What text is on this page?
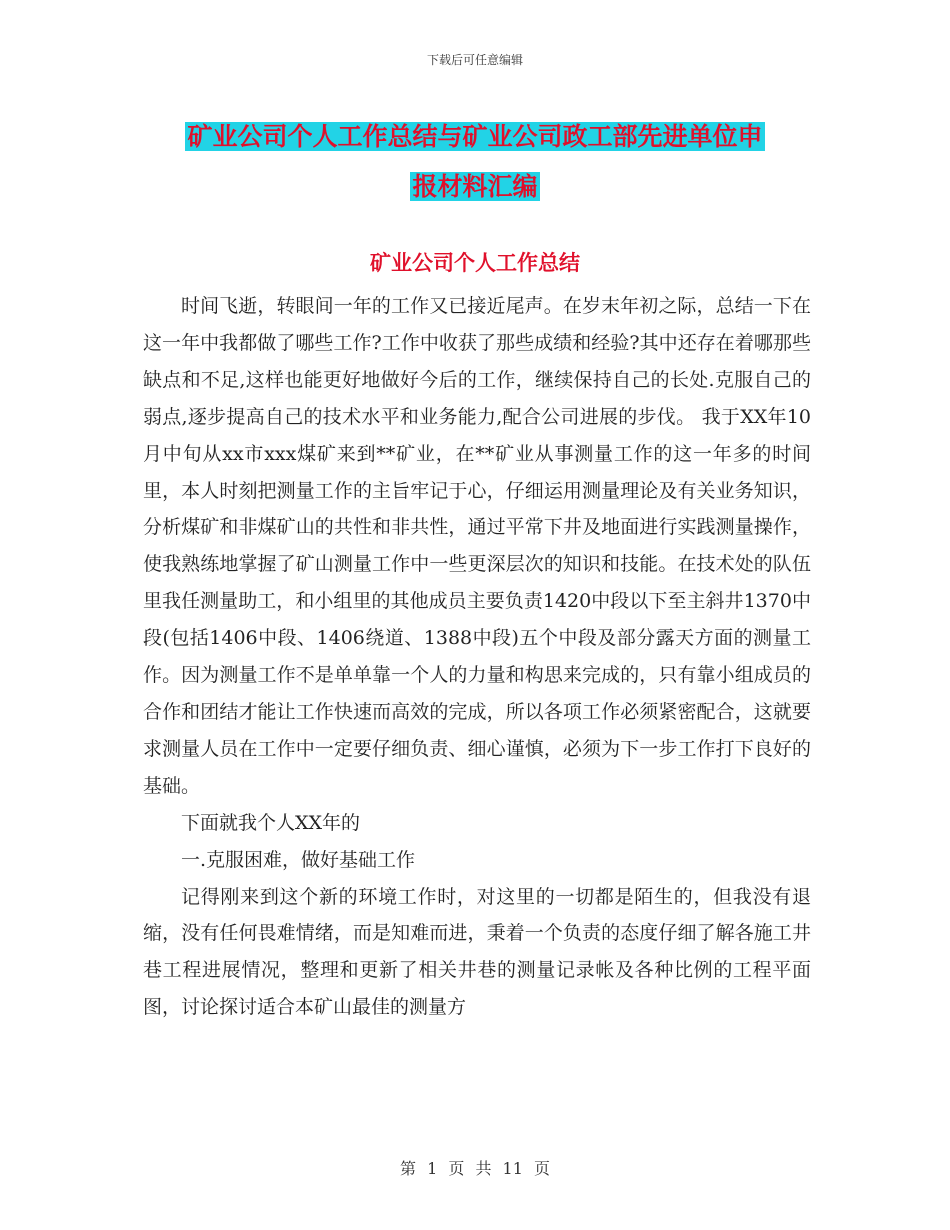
下载后可任意编辑
矿业公司个人工作总结与矿业公司政工部先进单位申
报材料汇编
矿业公司个人工作总结

时间飞逝，转眼间一年的工作又已接近尾声。在岁末年初之际，总结一下在这一年中我都做了哪些工作?工作中收获了那些成绩和经验?其中还存在着哪那些缺点和不足,这样也能更好地做好今后的工作，继续保持自己的长处.克服自己的弱点,逐步提高自己的技术水平和业务能力,配合公司进展的步伐。 我于XX年10月中旬从xx市xxx煤矿来到**矿业，在**矿业从事测量工作的这一年多的时间里，本人时刻把测量工作的主旨牢记于心，仔细运用测量理论及有关业务知识，分析煤矿和非煤矿山的共性和非共性，通过平常下井及地面进行实践测量操作，使我熟练地掌握了矿山测量工作中一些更深层次的知识和技能。在技术处的队伍里我任测量助工，和小组里的其他成员主要负责1420中段以下至主斜井1370中段(包括1406中段、1406绕道、1388中段)五个中段及部分露天方面的测量工作。因为测量工作不是单单靠一个人的力量和构思来完成的，只有靠小组成员的合作和团结才能让工作快速而高效的完成，所以各项工作必须紧密配合，这就要求测量人员在工作中一定要仔细负责、细心谨慎，必须为下一步工作打下良好的基础。

下面就我个人XX年的

一.克服困难，做好基础工作

记得刚来到这个新的环境工作时，对这里的一切都是陌生的，但我没有退缩，没有任何畏难情绪，而是知难而进，秉着一个负责的态度仔细了解各施工井巷工程进展情况，整理和更新了相关井巷的测量记录帐及各种比例的工程平面图，讨论探讨适合本矿山最佳的测量方

第 1 页 共 11 页
